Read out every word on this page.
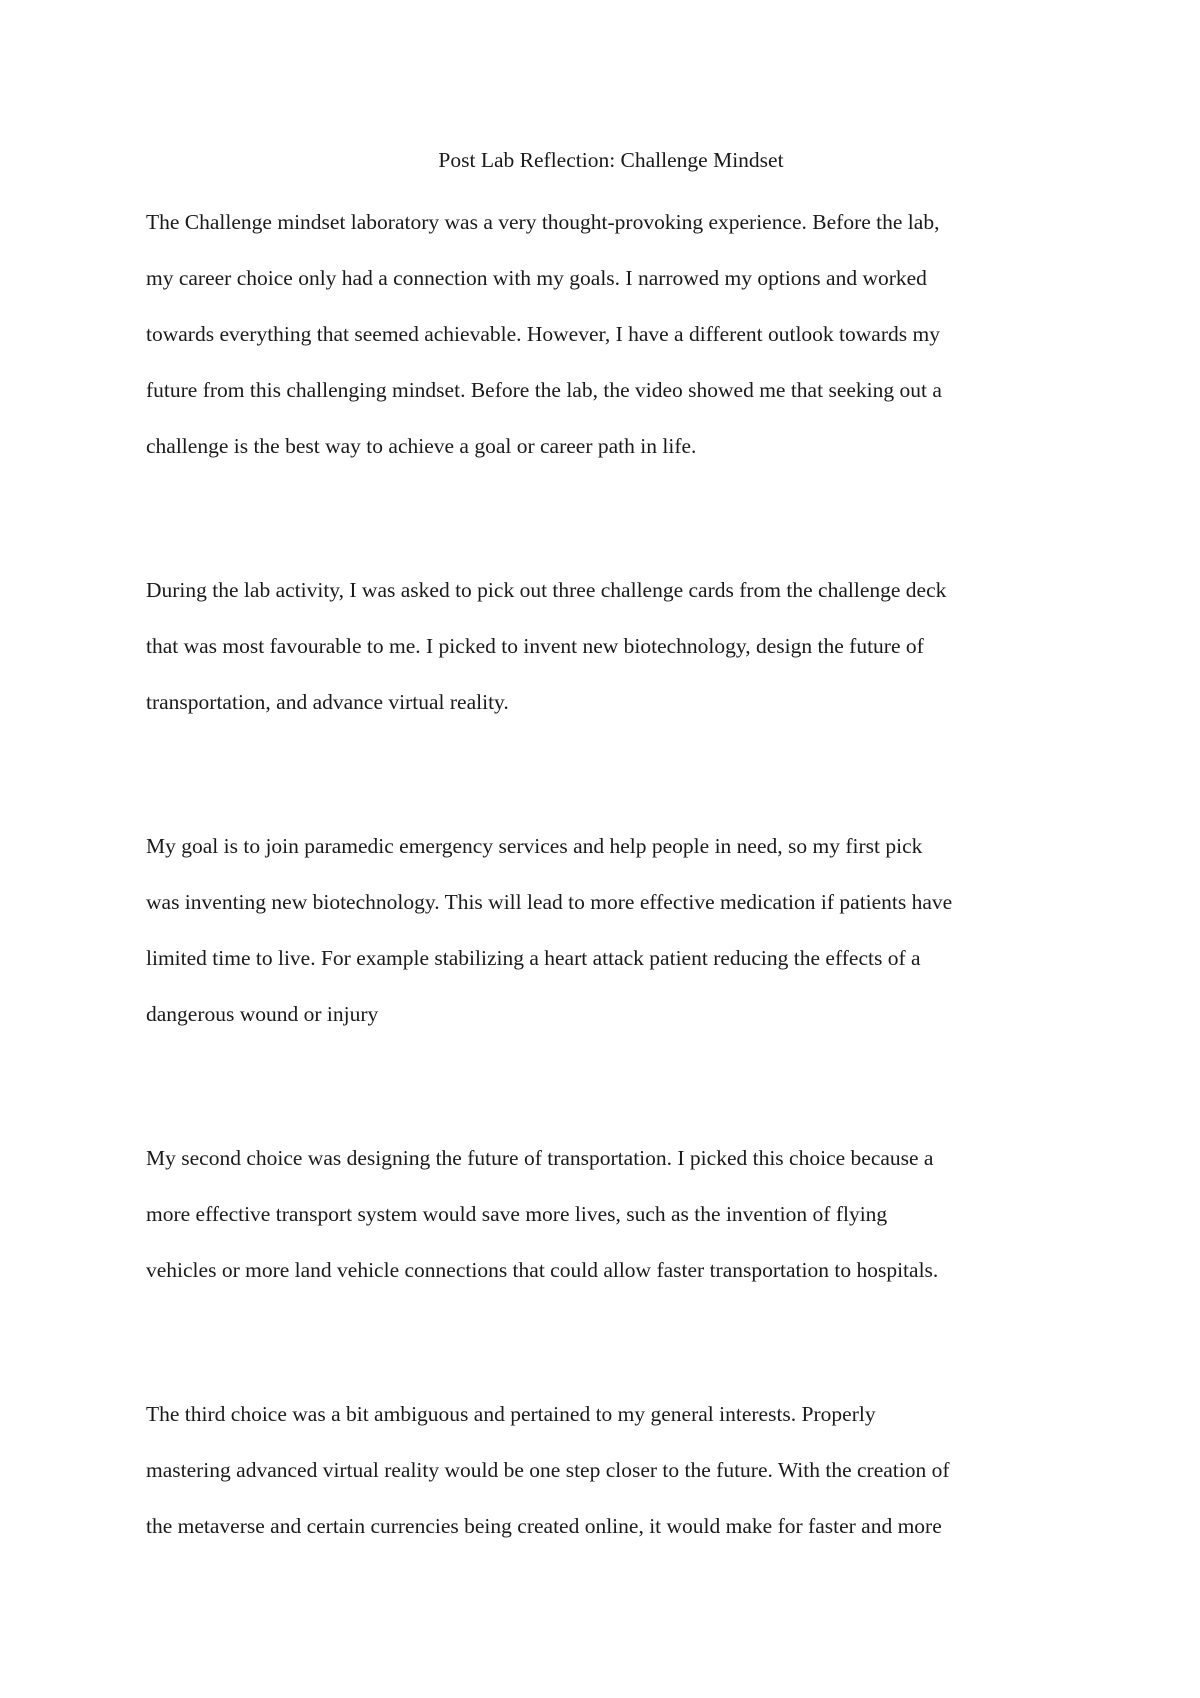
Post Lab Reflection: Challenge Mindset

The Challenge mindset laboratory was a very thought-provoking experience. Before the lab,
my career choice only had a connection with my goals. I narrowed my options and worked
towards everything that seemed achievable. However, I have a different outlook towards my
future from this challenging mindset. Before the lab, the video showed me that seeking out a
challenge is the best way to achieve a goal or career path in life.

During the lab activity, I was asked to pick out three challenge cards from the challenge deck
that was most favourable to me. I picked to invent new biotechnology, design the future of
transportation, and advance virtual reality.

My goal is to join paramedic emergency services and help people in need, so my first pick
was inventing new biotechnology. This will lead to more effective medication if patients have
limited time to live. For example stabilizing a heart attack patient reducing the effects of a
dangerous wound or injury

My second choice was designing the future of transportation. I picked this choice because a
more effective transport system would save more lives, such as the invention of flying
vehicles or more land vehicle connections that could allow faster transportation to hospitals.

The third choice was a bit ambiguous and pertained to my general interests. Properly
mastering advanced virtual reality would be one step closer to the future. With the creation of
the metaverse and certain currencies being created online, it would make for faster and more
